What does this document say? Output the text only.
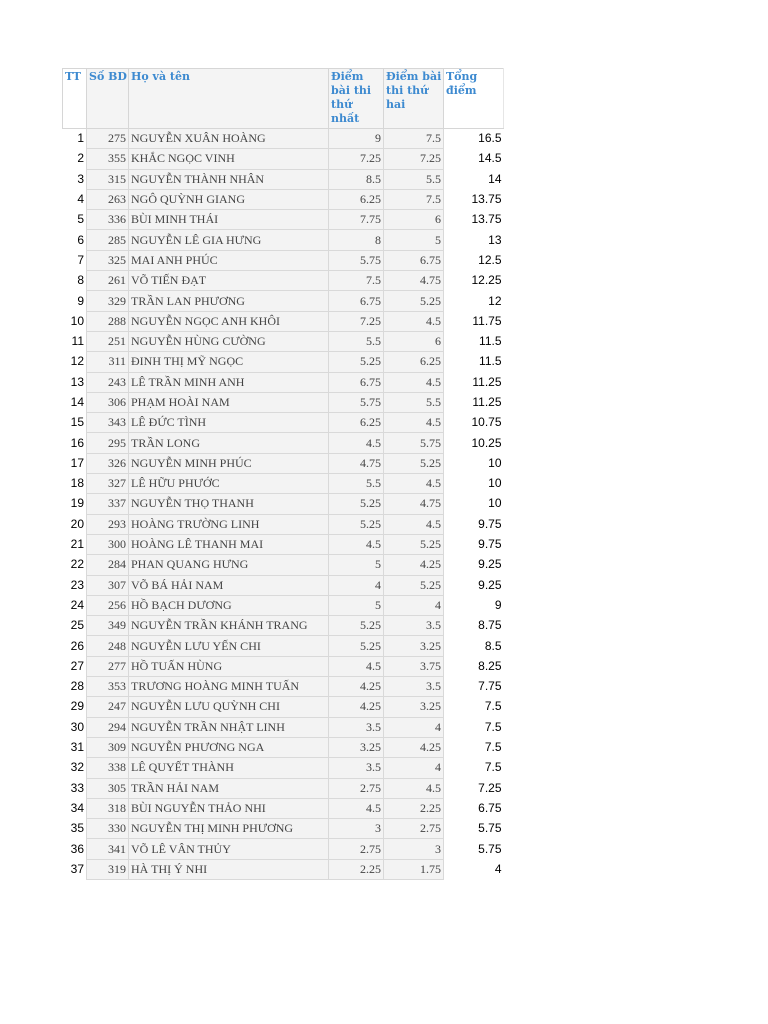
TT	Số BD	Họ và tên	Điểm bài thi thứ nhất	Điểm bài thi thứ hai	Tổng điểm
1	275	NGUYỄN XUÂN HOÀNG	9	7.5	16.5
2	355	KHẮC NGỌC VINH	7.25	7.25	14.5
3	315	NGUYỄN THÀNH NHÂN	8.5	5.5	14
4	263	NGÔ QUỲNH GIANG	6.25	7.5	13.75
5	336	BÙI MINH THÁI	7.75	6	13.75
6	285	NGUYỄN LÊ GIA HƯNG	8	5	13
7	325	MAI ANH PHÚC	5.75	6.75	12.5
8	261	VÕ TIẾN ĐẠT	7.5	4.75	12.25
9	329	TRẦN LAN PHƯƠNG	6.75	5.25	12
10	288	NGUYỄN NGỌC ANH KHÔI	7.25	4.5	11.75
11	251	NGUYỄN HÙNG CƯỜNG	5.5	6	11.5
12	311	ĐINH THỊ MỸ NGỌC	5.25	6.25	11.5
13	243	LÊ TRẦN MINH ANH	6.75	4.5	11.25
14	306	PHẠM HOÀI NAM	5.75	5.5	11.25
15	343	LÊ ĐỨC TÌNH	6.25	4.5	10.75
16	295	TRẦN LONG	4.5	5.75	10.25
17	326	NGUYỄN MINH PHÚC	4.75	5.25	10
18	327	LÊ HỮU PHƯỚC	5.5	4.5	10
19	337	NGUYỄN THỌ THANH	5.25	4.75	10
20	293	HOÀNG TRƯỜNG LINH	5.25	4.5	9.75
21	300	HOÀNG LÊ THANH MAI	4.5	5.25	9.75
22	284	PHAN QUANG HƯNG	5	4.25	9.25
23	307	VÕ BÁ HẢI NAM	4	5.25	9.25
24	256	HỒ BẠCH DƯƠNG	5	4	9
25	349	NGUYỄN TRẦN KHÁNH TRANG	5.25	3.5	8.75
26	248	NGUYỄN LƯU YẾN CHI	5.25	3.25	8.5
27	277	HỒ TUẤN HÙNG	4.5	3.75	8.25
28	353	TRƯƠNG HOÀNG MINH TUẤN	4.25	3.5	7.75
29	247	NGUYỄN LƯU QUỲNH CHI	4.25	3.25	7.5
30	294	NGUYỄN TRẦN NHẬT LINH	3.5	4	7.5
31	309	NGUYỄN PHƯƠNG NGA	3.25	4.25	7.5
32	338	LÊ QUYẾT THÀNH	3.5	4	7.5
33	305	TRẦN HẢI NAM	2.75	4.5	7.25
34	318	BÙI NGUYỄN THẢO NHI	4.5	2.25	6.75
35	330	NGUYỄN THỊ MINH PHƯƠNG	3	2.75	5.75
36	341	VÕ LÊ VÂN THỦY	2.75	3	5.75
37	319	HÀ THỊ Ý NHI	2.25	1.75	4
